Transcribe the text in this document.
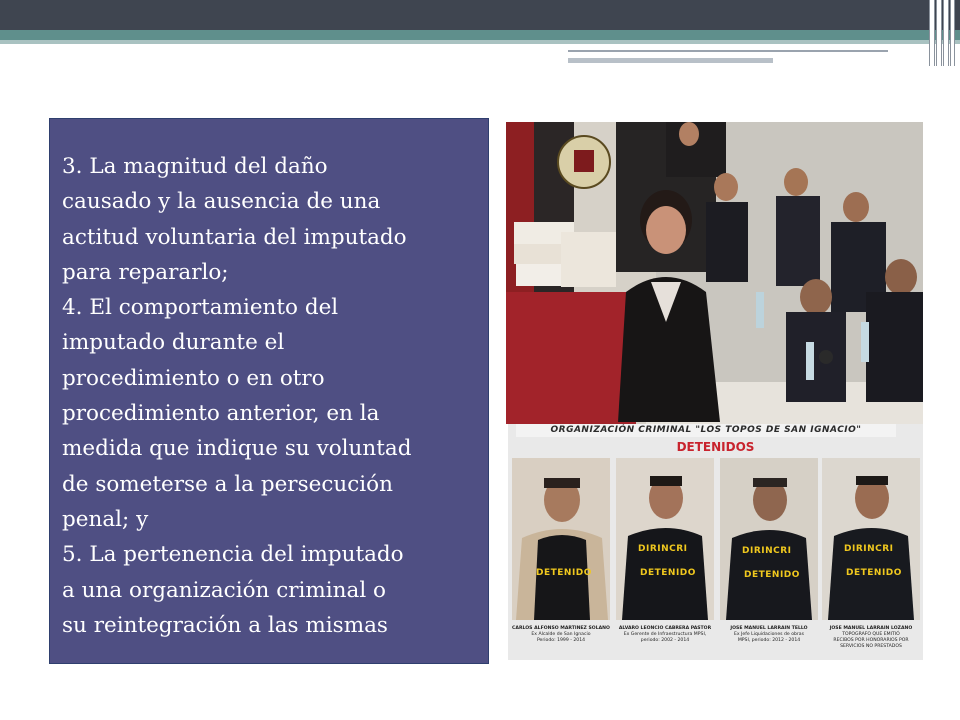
3. La magnitud del daño

causado y la ausencia de una

actitud voluntaria del imputado

para repararlo;

4. El comportamiento del

imputado durante el

procedimiento o en otro

procedimiento anterior, en la

medida que indique su voluntad

de someterse a la persecución

penal; y

5. La pertenencia del imputado

a una organización criminal o

su reintegración a las mismas

ORGANIZACIÓN CRIMINAL "LOS TOPOS DE SAN IGNACIO"
DETENIDOS
DETENIDO
CARLOS ALFONSO MARTINEZ SOLANO
Ex Alcalde de San Ignacio
Periodo: 1999 - 2014
DIRINCRI
DETENIDO
ALVARO LEONCIO CABRERA PASTOR
Ex Gerente de Infraestructura MPSI,
periodo: 2002 - 2014
DIRINCRI
DETENIDO
JOSE MANUEL LARRAIN TELLO
Ex Jefe Liquidaciones de obras
MPSI, periodo: 2012 - 2014
DIRINCRI
DETENIDO
JOSE MANUEL LARRAIN LOZANO
TOPOGRAFO QUE EMITIÓ
RECIBOS POR HONORARIOS POR SERVICIOS NO PRESTADOS
